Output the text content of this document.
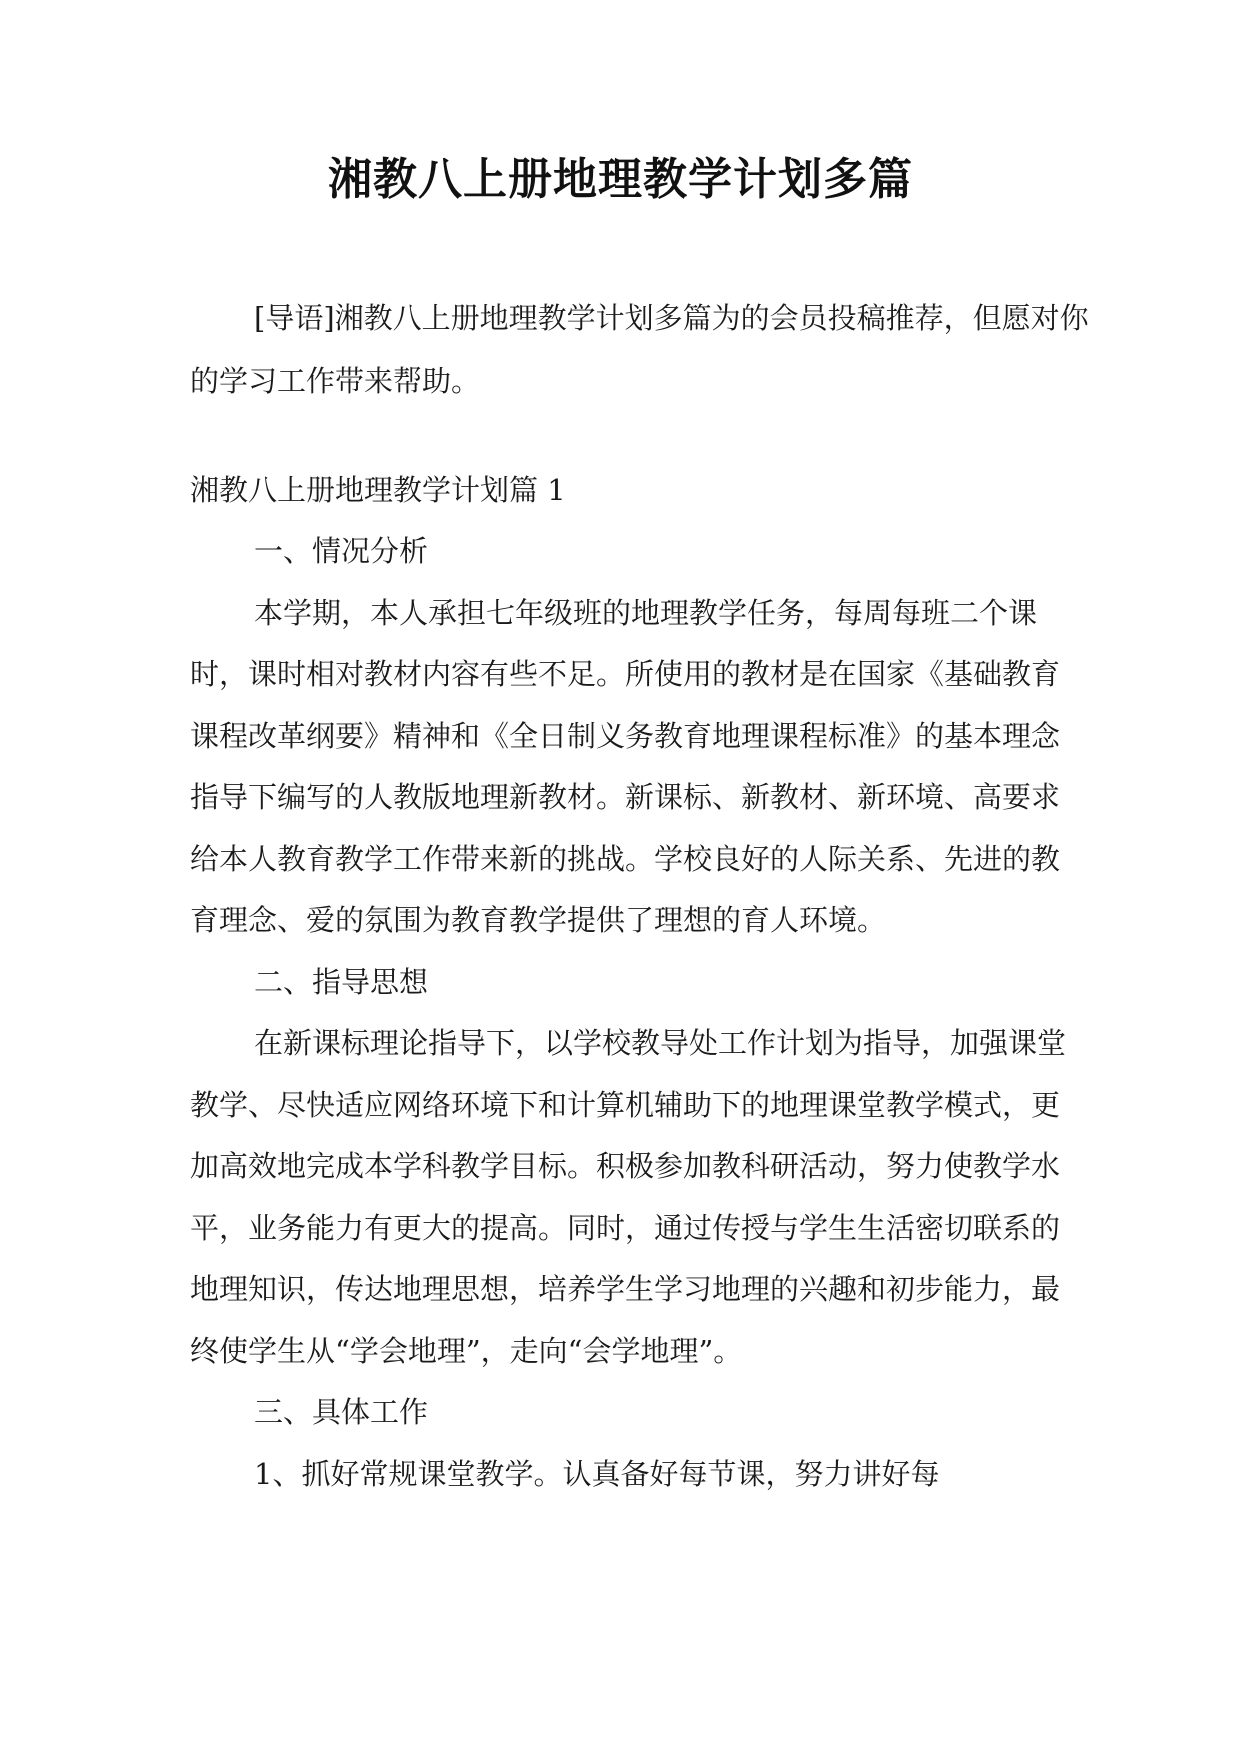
湘教八上册地理教学计划多篇
[导语]湘教八上册地理教学计划多篇为的会员投稿推荐，但愿对你的学习工作带来帮助。
湘教八上册地理教学计划篇 1

一、情况分析

本学期，本人承担七年级班的地理教学任务，每周每班二个课时，课时相对教材内容有些不足。所使用的教材是在国家《基础教育课程改革纲要》精神和《全日制义务教育地理课程标准》的基本理念指导下编写的人教版地理新教材。新课标、新教材、新环境、高要求给本人教育教学工作带来新的挑战。学校良好的人际关系、先进的教育理念、爱的氛围为教育教学提供了理想的育人环境。

二、指导思想

在新课标理论指导下，以学校教导处工作计划为指导，加强课堂教学、尽快适应网络环境下和计算机辅助下的地理课堂教学模式，更加高效地完成本学科教学目标。积极参加教科研活动，努力使教学水平，业务能力有更大的提高。同时，通过传授与学生生活密切联系的地理知识，传达地理思想，培养学生学习地理的兴趣和初步能力，最终使学生从“学会地理”，走向“会学地理”。

三、具体工作

1、抓好常规课堂教学。认真备好每节课，努力讲好每
